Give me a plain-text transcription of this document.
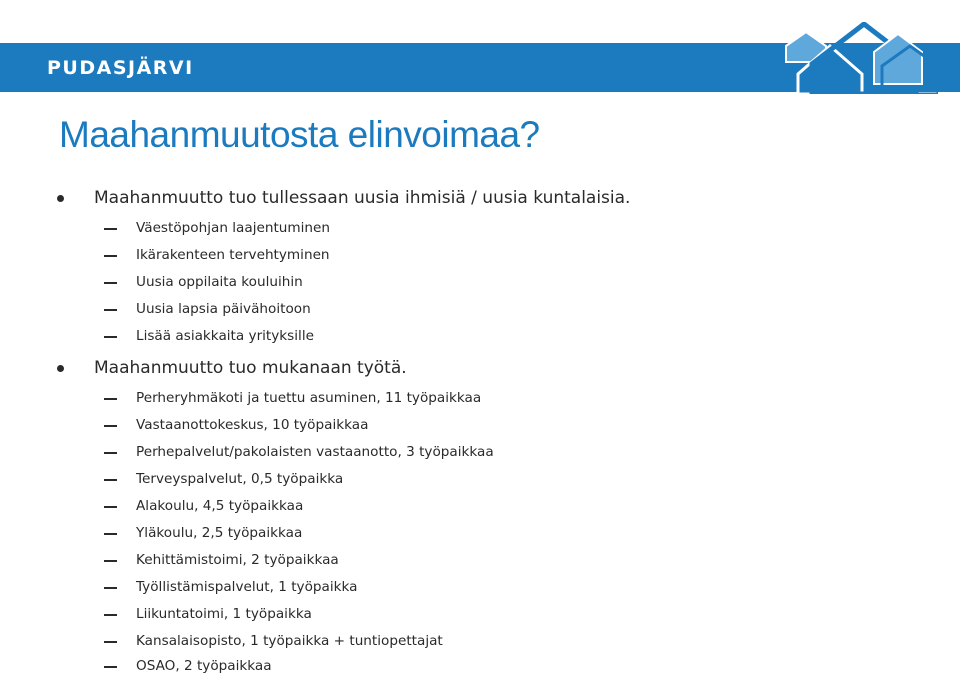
PUDASJÄRVI
Maahanmuutosta elinvoimaa?
Maahanmuutto tuo tullessaan uusia ihmisiä / uusia kuntalaisia.
Väestöpohjan laajentuminen
Ikärakenteen tervehtyminen
Uusia oppilaita kouluihin
Uusia lapsia päivähoitoon
Lisää asiakkaita yrityksille
Maahanmuutto tuo mukanaan työtä.
Perheryhmäkoti ja tuettu asuminen, 11 työpaikkaa
Vastaanottokeskus, 10 työpaikkaa
Perhepalvelut/pakolaisten vastaanotto, 3 työpaikkaa
Terveyspalvelut, 0,5 työpaikka
Alakoulu, 4,5 työpaikkaa
Yläkoulu, 2,5 työpaikkaa
Kehittämistoimi, 2 työpaikkaa
Työllistämispalvelut, 1 työpaikka
Liikuntatoimi, 1 työpaikka
Kansalaisopisto, 1 työpaikka + tuntiopettajat
OSAO, 2 työpaikkaa
